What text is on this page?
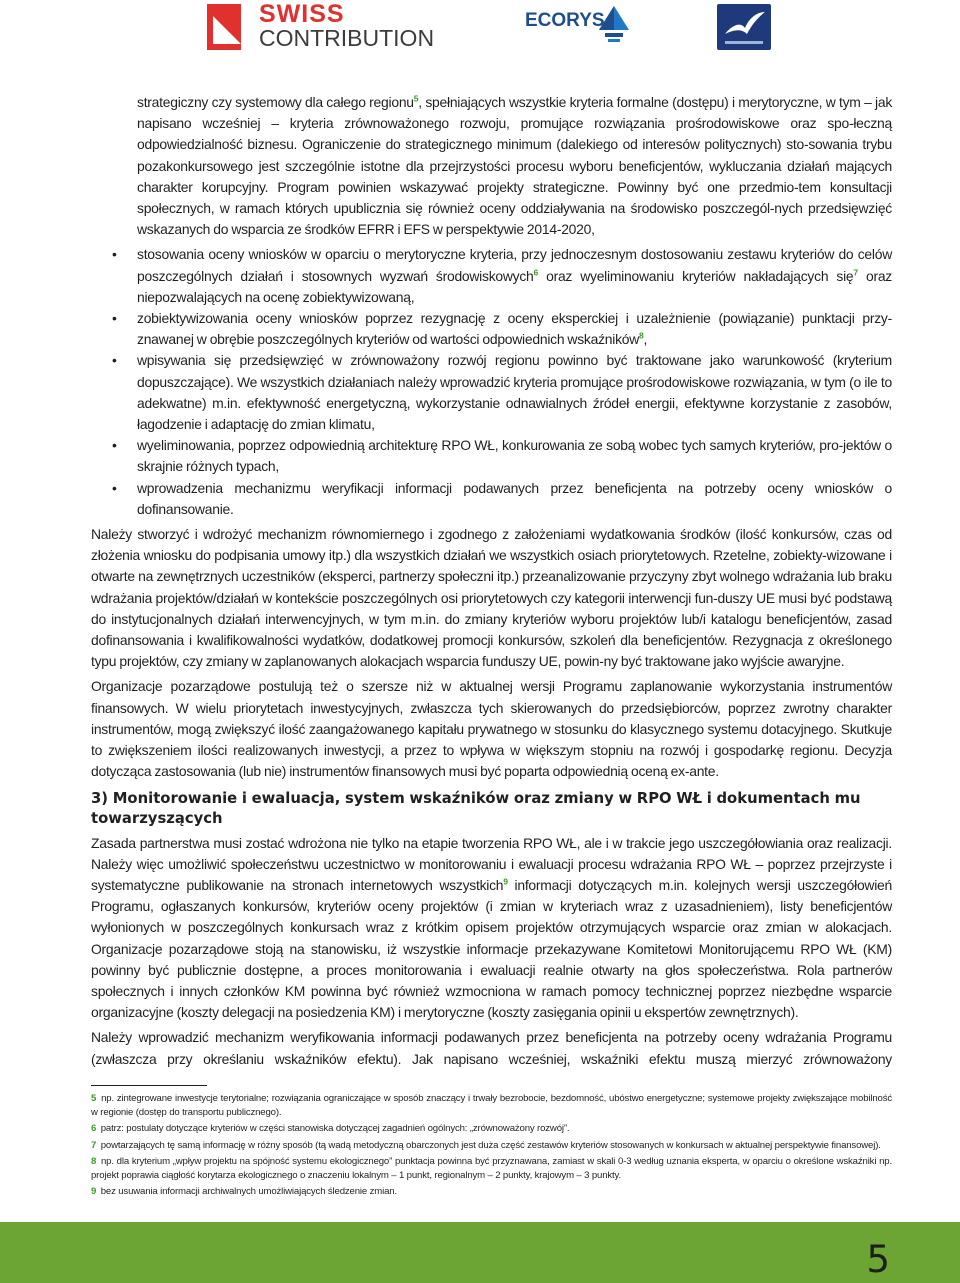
SWISS
CONTRIBUTION
ECORYS

strategiczny czy systemowy dla całego regionu$^5$, spełniających wszystkie kryteria formalne (dostępu) i merytoryczne, w tym – jak napisano wcześniej – kryteria zrównoważonego rozwoju, promujące rozwiązania prośrodowiskowe oraz spo-łeczną odpowiedzialność biznesu. Ograniczenie do strategicznego minimum (dalekiego od interesów politycznych) sto-sowania trybu pozakonkursowego jest szczególnie istotne dla przejrzystości procesu wyboru beneficjentów, wykluczania działań mających charakter korupcyjny. Program powinien wskazywać projekty strategiczne. Powinny być one przedmio-tem konsultacji społecznych, w ramach których upublicznia się również oceny oddziaływania na środowisko poszczegól-nych przedsięwzięć wskazanych do wsparcia ze środków EFRR i EFS w perspektywie 2014-2020,

• stosowania oceny wniosków w oparciu o merytoryczne kryteria, przy jednoczesnym dostosowaniu zestawu kryteriów do celów poszczególnych działań i stosownych wyzwań środowiskowych$^6$ oraz wyeliminowaniu kryteriów nakładających się$^7$ oraz niepozwalających na ocenę zobiektywizowaną,
• zobiektywizowania oceny wniosków poprzez rezygnację z oceny eksperckiej i uzależnienie (powiązanie) punktacji przy-znawanej w obrębie poszczególnych kryteriów od wartości odpowiednich wskaźników$^8$,
• wpisywania się przedsięwzięć w zrównoważony rozwój regionu powinno być traktowane jako warunkowość (kryterium dopuszczające). We wszystkich działaniach należy wprowadzić kryteria promujące prośrodowiskowe rozwiązania, w tym (o ile to adekwatne) m.in. efektywność energetyczną, wykorzystanie odnawialnych źródeł energii, efektywne korzystanie z zasobów, łagodzenie i adaptację do zmian klimatu,
• wyeliminowania, poprzez odpowiednią architekturę RPO WŁ, konkurowania ze sobą wobec tych samych kryteriów, pro-jektów o skrajnie różnych typach,
• wprowadzenia mechanizmu weryfikacji informacji podawanych przez beneficjenta na potrzeby oceny wniosków o dofinansowanie.

Należy stworzyć i wdrożyć mechanizm równomiernego i zgodnego z założeniami wydatkowania środków (ilość konkursów, czas od złożenia wniosku do podpisania umowy itp.) dla wszystkich działań we wszystkich osiach priorytetowych. Rzetelne, zobiekty-wizowane i otwarte na zewnętrznych uczestników (eksperci, partnerzy społeczni itp.) przeanalizowanie przyczyny zbyt wolnego wdrażania lub braku wdrażania projektów/działań w kontekście poszczególnych osi priorytetowych czy kategorii interwencji fun-duszy UE musi być podstawą do instytucjonalnych działań interwencyjnych, w tym m.in. do zmiany kryteriów wyboru projektów lub/i katalogu beneficjentów, zasad dofinansowania i kwalifikowalności wydatków, dodatkowej promocji konkursów, szkoleń dla beneficjentów. Rezygnacja z określonego typu projektów, czy zmiany w zaplanowanych alokacjach wsparcia funduszy UE, powin-ny być traktowane jako wyjście awaryjne.

Organizacje pozarządowe postulują też o szersze niż w aktualnej wersji Programu zaplanowanie wykorzystania instrumentów finansowych. W wielu priorytetach inwestycyjnych, zwłaszcza tych skierowanych do przedsiębiorców, poprzez zwrotny charakter instrumentów, mogą zwiększyć ilość zaangażowanego kapitału prywatnego w stosunku do klasycznego systemu dotacyjnego. Skutkuje to zwiększeniem ilości realizowanych inwestycji, a przez to wpływa w większym stopniu na rozwój i gospodarkę regionu. Decyzja dotycząca zastosowania (lub nie) instrumentów finansowych musi być poparta odpowiednią oceną ex-ante.

3) Monitorowanie i ewaluacja, system wskaźników oraz zmiany w RPO WŁ i dokumentach mu towarzyszących

Zasada partnerstwa musi zostać wdrożona nie tylko na etapie tworzenia RPO WŁ, ale i w trakcie jego uszczegółowiania oraz realizacji. Należy więc umożliwić społeczeństwu uczestnictwo w monitorowaniu i ewaluacji procesu wdrażania RPO WŁ – poprzez przejrzyste i systematyczne publikowanie na stronach internetowych wszystkich$^9$ informacji dotyczących m.in. kolejnych wersji uszczegółowień Programu, ogłaszanych konkursów, kryteriów oceny projektów (i zmian w kryteriach wraz z uzasadnieniem), listy beneficjentów wyłonionych w poszczególnych konkursach wraz z krótkim opisem projektów otrzymujących wsparcie oraz zmian w alokacjach. Organizacje pozarządowe stoją na stanowisku, iż wszystkie informacje przekazywane Komitetowi Monitorującemu RPO WŁ (KM) powinny być publicznie dostępne, a proces monitorowania i ewaluacji realnie otwarty na głos społeczeństwa. Rola partnerów społecznych i innych członków KM powinna być również wzmocniona w ramach pomocy technicznej poprzez niezbędne wsparcie organizacyjne (koszty delegacji na posiedzenia KM) i merytoryczne (koszty zasięgania opinii u ekspertów zewnętrznych).

Należy wprowadzić mechanizm weryfikowania informacji podawanych przez beneficjenta na potrzeby oceny wdrażania Programu (zwłaszcza przy określaniu wskaźników efektu). Jak napisano wcześniej, wskaźniki efektu muszą mierzyć zrównoważony

5 np. zintegrowane inwestycje terytorialne; rozwiązania ograniczające w sposób znaczący i trwały bezrobocie, bezdomność, ubóstwo energetyczne; systemowe projekty zwiększające mobilność w regionie (dostęp do transportu publicznego).

6 patrz: postulaty dotyczące kryteriów w części stanowiska dotyczącej zagadnień ogólnych: „zrównoważony rozwój”.

7 powtarzających tę samą informację w różny sposób (tą wadą metodyczną obarczonych jest duża część zestawów kryteriów stosowanych w konkursach w aktualnej perspektywie finansowej).

8 np. dla kryterium „wpływ projektu na spójność systemu ekologicznego” punktacja powinna być przyznawana, zamiast w skali 0-3 według uznania eksperta, w oparciu o określone wskaźniki np. projekt poprawia ciągłość korytarza ekologicznego o znaczeniu lokalnym – 1 punkt, regionalnym – 2 punkty, krajowym – 3 punkty.

9 bez usuwania informacji archiwalnych umożliwiających śledzenie zmian.

5
